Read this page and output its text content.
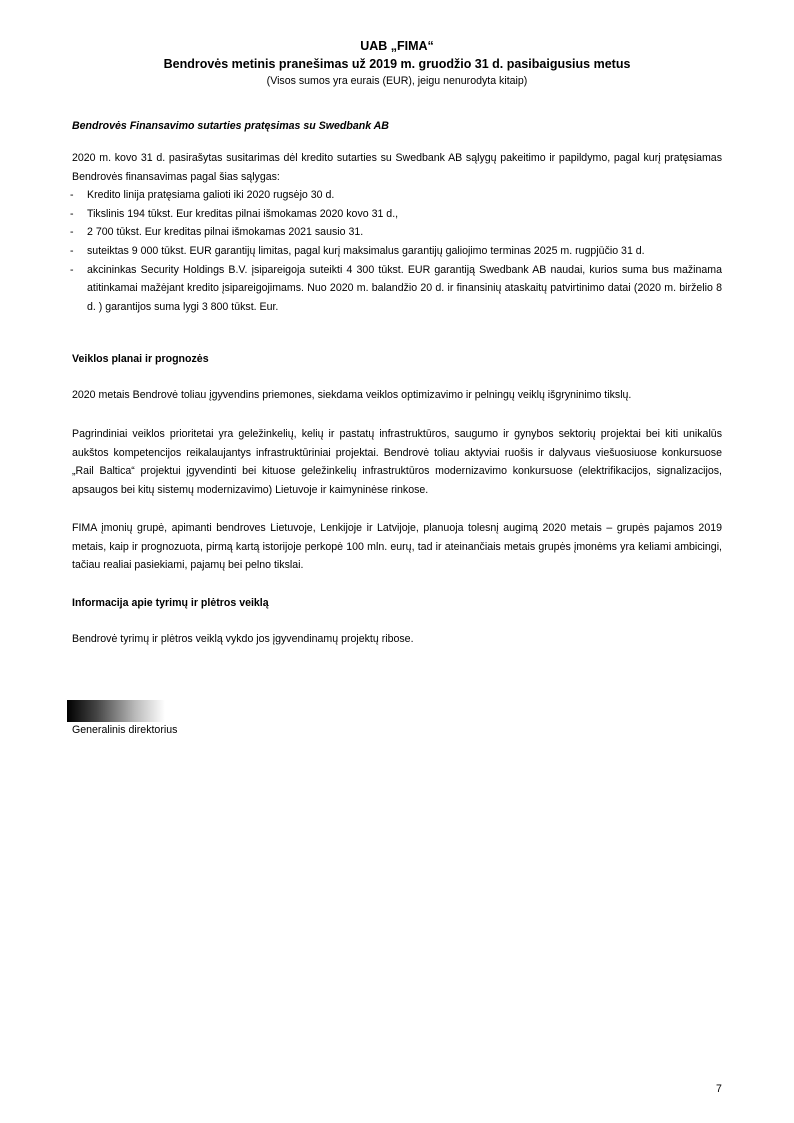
UAB „FIMA“
Bendrovės metinis pranešimas už 2019 m. gruodžio 31 d. pasibaigusius metus
(Visos sumos yra eurais (EUR), jeigu nenurodyta kitaip)
Bendrovės Finansavimo sutarties pratęsimas su Swedbank AB
2020 m. kovo 31 d. pasirašytas susitarimas dėl kredito sutarties su Swedbank AB sąlygų pakeitimo ir papildymo, pagal kurį pratęsiamas Bendrovės finansavimas pagal šias sąlygas:
- Kredito linija pratęsiama galioti iki 2020 rugsėjo 30 d.
- Tikslinis 194 tūkst. Eur kreditas pilnai išmokamas 2020 kovo 31 d.,
- 2 700 tūkst. Eur kreditas pilnai išmokamas 2021 sausio 31.
- suteiktas 9 000 tūkst. EUR garantijų limitas, pagal kurį maksimalus garantijų galiojimo terminas 2025 m. rugpjūčio 31 d.
- akcininkas Security Holdings B.V. įsipareigoja suteikti 4 300 tūkst. EUR garantiją Swedbank AB naudai, kurios suma bus mažinama atitinkamai mažėjant kredito įsipareigojimams. Nuo 2020 m. balandžio 20 d. ir finansinių ataskaitų patvirtinimo datai (2020 m. birželio 8 d. ) garantijos suma lygi 3 800 tūkst. Eur.
Veiklos planai ir prognozės
2020 metais Bendrovė toliau įgyvendins priemones, siekdama veiklos optimizavimo ir pelningų veiklų išgryninimo tikslų.
Pagrindiniai veiklos prioritetai yra geležinkelių, kelių ir pastatų infrastruktūros, saugumo ir gynybos sektorių projektai bei kiti unikalūs aukštos kompetencijos reikalaujantys infrastruktūriniai projektai. Bendrovė toliau aktyviai ruošis ir dalyvaus viešuosiuose konkursuose „Rail Baltica“ projektui įgyvendinti bei kituose geležinkelių infrastruktūros modernizavimo konkursuose (elektrifikacijos, signalizacijos, apsaugos bei kitų sistemų modernizavimo) Lietuvoje ir kaimyninėse rinkose.
FIMA įmonių grupė, apimanti bendroves Lietuvoje, Lenkijoje ir Latvijoje, planuoja tolesnį augimą 2020 metais – grupės pajamos 2019 metais, kaip ir prognozuota, pirmą kartą istorijoje perkopė 100 mln. eurų, tad ir ateinančiais metais grupės įmonėms yra keliami ambicingi, tačiau realiai pasiekiami, pajamų bei pelno tikslai.
Informacija apie tyrimų ir plėtros veiklą
Bendrovė tyrimų ir plėtros veiklą vykdo jos įgyvendinamų projektų ribose.
Generalinis direktorius
7
